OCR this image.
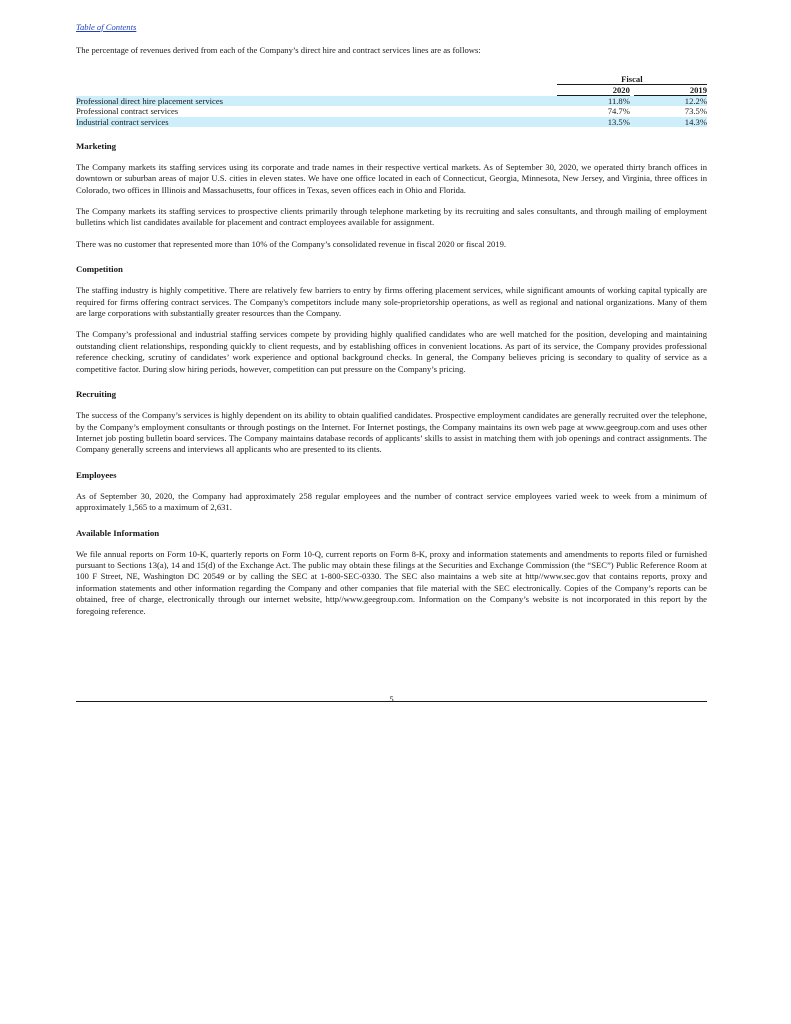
Table of Contents

The percentage of revenues derived from each of the Company’s direct hire and contract services lines are as follows:

	Fiscal		
	2020		2019
Professional direct hire placement services	11.8%		12.2%
Professional contract services	74.7%		73.5%
Industrial contract services	13.5%		14.3%
Marketing

The Company markets its staffing services using its corporate and trade names in their respective vertical markets. As of September 30, 2020, we operated thirty branch offices in downtown or suburban areas of major U.S. cities in eleven states. We have one office located in each of Connecticut, Georgia, Minnesota, New Jersey, and Virginia, three offices in Colorado, two offices in Illinois and Massachusetts, four offices in Texas, seven offices each in Ohio and Florida.

The Company markets its staffing services to prospective clients primarily through telephone marketing by its recruiting and sales consultants, and through mailing of employment bulletins which list candidates available for placement and contract employees available for assignment.

There was no customer that represented more than 10% of the Company’s consolidated revenue in fiscal 2020 or fiscal 2019.

Competition

The staffing industry is highly competitive. There are relatively few barriers to entry by firms offering placement services, while significant amounts of working capital typically are required for firms offering contract services. The Company's competitors include many sole-proprietorship operations, as well as regional and national organizations. Many of them are large corporations with substantially greater resources than the Company.

The Company’s professional and industrial staffing services compete by providing highly qualified candidates who are well matched for the position, developing and maintaining outstanding client relationships, responding quickly to client requests, and by establishing offices in convenient locations. As part of its service, the Company provides professional reference checking, scrutiny of candidates’ work experience and optional background checks. In general, the Company believes pricing is secondary to quality of service as a competitive factor. During slow hiring periods, however, competition can put pressure on the Company’s pricing.

Recruiting

The success of the Company’s services is highly dependent on its ability to obtain qualified candidates. Prospective employment candidates are generally recruited over the telephone, by the Company’s employment consultants or through postings on the Internet. For Internet postings, the Company maintains its own web page at www.geegroup.com and uses other Internet job posting bulletin board services. The Company maintains database records of applicants’ skills to assist in matching them with job openings and contract assignments. The Company generally screens and interviews all applicants who are presented to its clients.

Employees

As of September 30, 2020, the Company had approximately 258 regular employees and the number of contract service employees varied week to week from a minimum of approximately 1,565 to a maximum of 2,631.

Available Information

We file annual reports on Form 10-K, quarterly reports on Form 10-Q, current reports on Form 8-K, proxy and information statements and amendments to reports filed or furnished pursuant to Sections 13(a), 14 and 15(d) of the Exchange Act. The public may obtain these filings at the Securities and Exchange Commission (the “SEC”) Public Reference Room at 100 F Street, NE, Washington DC 20549 or by calling the SEC at 1-800-SEC-0330. The SEC also maintains a web site at http//www.sec.gov that contains reports, proxy and information statements and other information regarding the Company and other companies that file material with the SEC electronically. Copies of the Company’s reports can be obtained, free of charge, electronically through our internet website, http//www.geegroup.com. Information on the Company’s website is not incorporated in this report by the foregoing reference.

5
